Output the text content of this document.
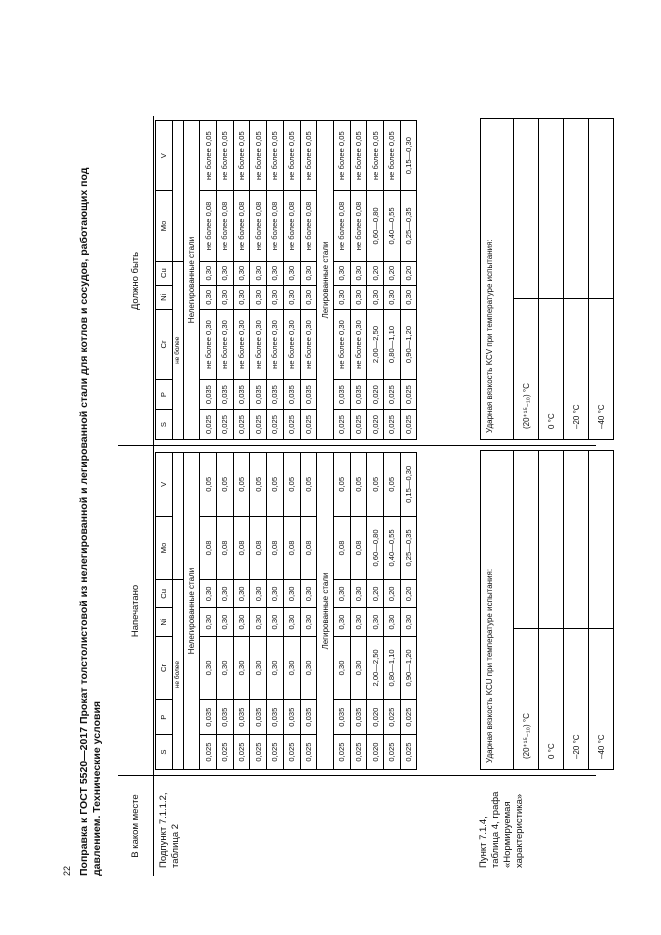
22 Поправка к ГОСТ 5520—2017 Прокат толстолистовой из нелегированной и легированной стали для котлов и сосудов, работающих под давлением. Технические условия	В каком месте
Напечатано
Должно быть
Подпункт 7.1.1.2, таблица 2	Пункт 7.1.4, таблица 4, графа «Нормируемая характеристика»
S	P	Cr	Ni	Cu	Mo	V
не более						
Нелегированные стали						
0,025	0,035	0,30	0,30	0,30	0,08	0,05
0,025	0,035	0,30	0,30	0,30	0,08	0,05
0,025	0,035	0,30	0,30	0,30	0,08	0,05
0,025	0,035	0,30	0,30	0,30	0,08	0,05
0,025	0,035	0,30	0,30	0,30	0,08	0,05
0,025	0,035	0,30	0,30	0,30	0,08	0,05
0,025	0,035	0,30	0,30	0,30	0,08	0,05
Легированные стали						
0,025	0,035	0,30	0,30	0,30	0,08	0,05
0,025	0,035	0,30	0,30	0,30	0,08	0,05
0,020	0,020	2,00—2,50	0,30	0,20	0,60—0,80	0,05
0,025	0,025	0,80—1,10	0,30	0,20	0,40—0,55	0,05
0,025	0,025	0,90—1,20	0,30	0,20	0,25—0,35	0,15—0,30
S	P	Cr	Ni	Cu	Mo	V
не более						
Нелегированные стали						
0,025	0,035	не более 0,30	0,30	0,30	не более 0,08	не более 0,05
0,025	0,035	не более 0,30	0,30	0,30	не более 0,08	не более 0,05
0,025	0,035	не более 0,30	0,30	0,30	не более 0,08	не более 0,05
0,025	0,035	не более 0,30	0,30	0,30	не более 0,08	не более 0,05
0,025	0,035	не более 0,30	0,30	0,30	не более 0,08	не более 0,05
0,025	0,035	не более 0,30	0,30	0,30	не более 0,08	не более 0,05
0,025	0,035	не более 0,30	0,30	0,30	не более 0,08	не более 0,05
Легированные стали						
0,025	0,035	не более 0,30	0,30	0,30	не более 0,08	не более 0,05
0,025	0,035	не более 0,30	0,30	0,30	не более 0,08	не более 0,05
0,020	0,020	2,00—2,50	0,30	0,20	0,60—0,80	не более 0,05
0,025	0,025	0,80—1,10	0,30	0,20	0,40—0,55	не более 0,05
0,025	0,025	0,90—1,20	0,30	0,20	0,25—0,35	0,15—0,30
Ударная вязкость KCU при температуре испытания:	(20⁺¹⁵₋₁₀) °С 0 °С –20 °С –40 °С
Ударная вязкость KCV при температуре испытания:	(20⁺¹⁵₋₁₀) °С 0 °С –20 °С –40 °С
